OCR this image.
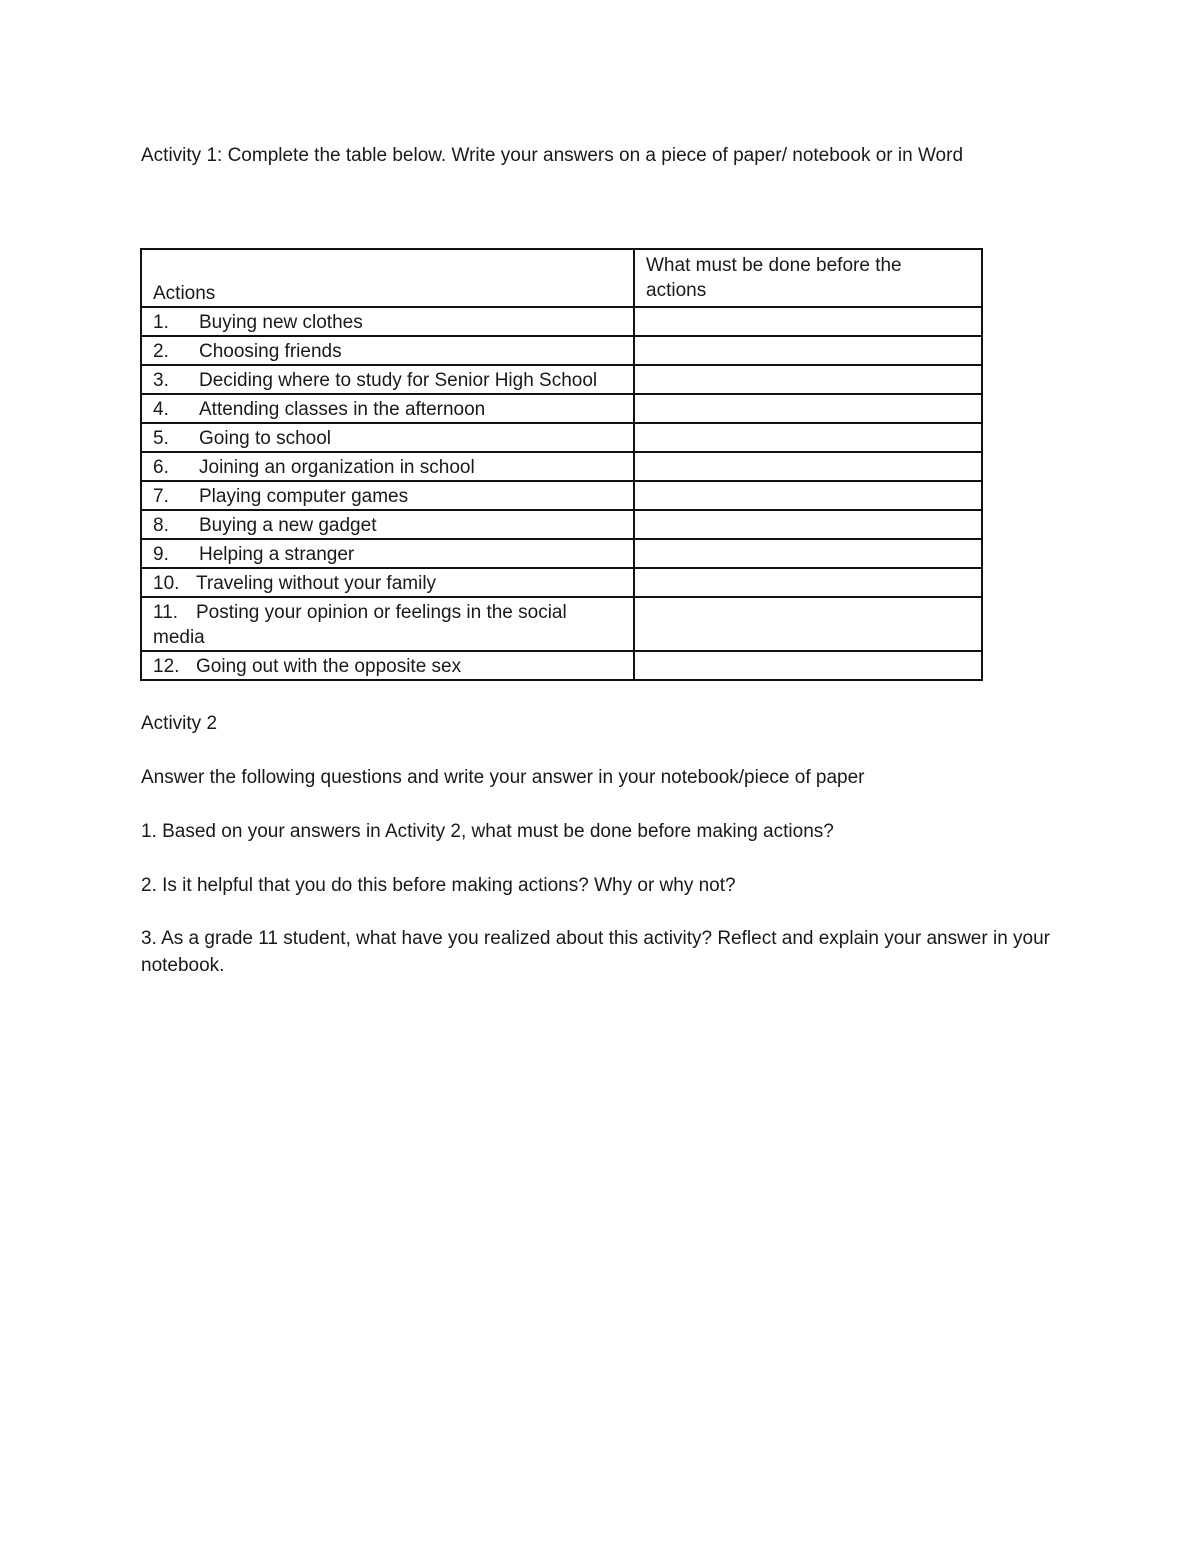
Activity 1: Complete the table below. Write your answers on a piece of paper/ notebook or in Word
Actions	What must be done before the
actions
1. Buying new clothes	
2. Choosing friends	
3. Deciding where to study for Senior High School	
4. Attending classes in the afternoon	
5. Going to school	
6. Joining an organization in school	
7. Playing computer games	
8. Buying a new gadget	
9. Helping a stranger	
10. Traveling without your family	
11. Posting your opinion or feelings in the social
media	
12. Going out with the opposite sex	
Activity 2
Answer the following questions and write your answer in your notebook/piece of paper
1. Based on your answers in Activity 2, what must be done before making actions?
2. Is it helpful that you do this before making actions? Why or why not?
3. As a grade 11 student, what have you realized about this activity? Reflect and explain your answer in your notebook.
